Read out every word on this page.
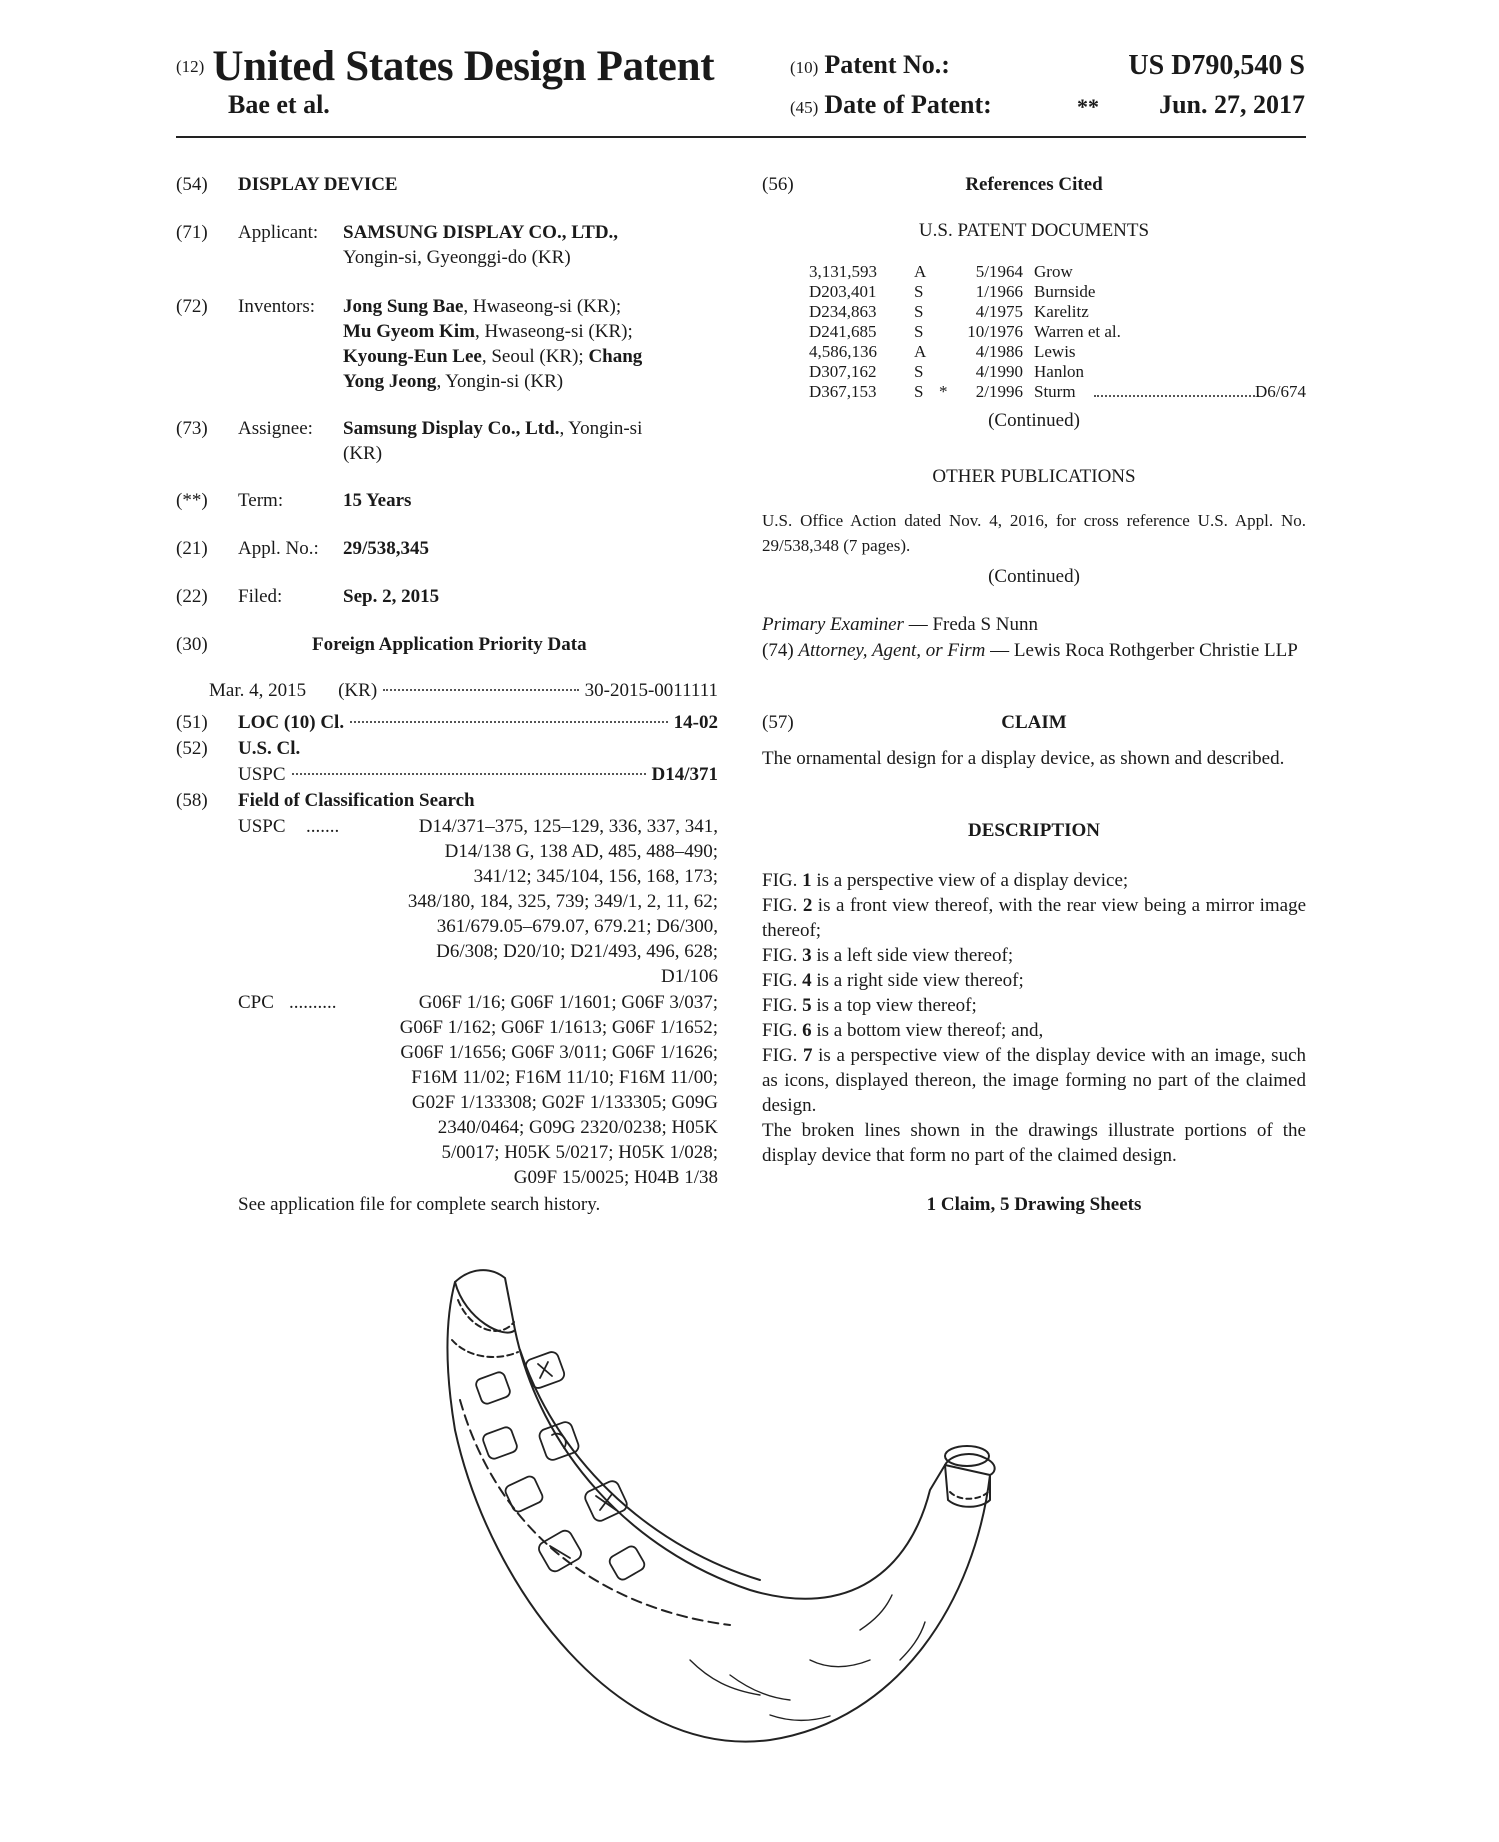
(12) United States Design Patent
Bae et al.
(10) Patent No.:	US D790,540 S
(45) Date of Patent:	** Jun. 27, 2017
(54) DISPLAY DEVICE
(71) Applicant: SAMSUNG DISPLAY CO., LTD.,
Yongin-si, Gyeonggi-do (KR)
(72) Inventors: Jong Sung Bae, Hwaseong-si (KR);
Mu Gyeom Kim, Hwaseong-si (KR);
Kyoung-Eun Lee, Seoul (KR); Chang
Yong Jeong, Yongin-si (KR)
(73) Assignee: Samsung Display Co., Ltd., Yongin-si
(KR)
(**) Term:	15 Years
(21) Appl. No.: 29/538,345
(22) Filed:	Sep. 2, 2015
(30)	Foreign Application Priority Data
Mar. 4, 2015 (KR)	30-2015-0011111
(51) LOC (10) Cl.	14-02
(52) U.S. Cl.
USPC	D14/371
(58) Field of Classification Search
USPC .......	D14/371–375, 125–129, 336, 337, 341,
D14/138 G, 138 AD, 485, 488–490;
341/12; 345/104, 156, 168, 173;
348/180, 184, 325, 739; 349/1, 2, 11, 62;
361/679.05–679.07, 679.21; D6/300,
D6/308; D20/10; D21/493, 496, 628;
D1/106
CPC ..........	G06F 1/16; G06F 1/1601; G06F 3/037;
G06F 1/162; G06F 1/1613; G06F 1/1652;
G06F 1/1656; G06F 3/011; G06F 1/1626;
F16M 11/02; F16M 11/10; F16M 11/00;
G02F 1/133308; G02F 1/133305; G09G
2340/0464; G09G 2320/0238; H05K
5/0017; H05K 5/0217; H05K 1/028;
G09F 15/0025; H04B 1/38
See application file for complete search history.
(56)	References Cited
U.S. PATENT DOCUMENTS
3,131,593 A	5/1964 Grow
D203,401 S	1/1966 Burnside
D234,863 S	4/1975 Karelitz
D241,685 S	10/1976 Warren et al.
4,586,136 A	4/1986 Lewis
D307,162 S	4/1990 Hanlon
D367,153 S *	2/1996 Sturm	D6/674
(Continued)
OTHER PUBLICATIONS
U.S. Office Action dated Nov. 4, 2016, for cross reference U.S. Appl. No. 29/538,348 (7 pages).
(Continued)
Primary Examiner — Freda S Nunn
(74) Attorney, Agent, or Firm — Lewis Roca Rothgerber Christie LLP
(57)	CLAIM
The ornamental design for a display device, as shown and described.
DESCRIPTION
FIG. 1 is a perspective view of a display device;
FIG. 2 is a front view thereof, with the rear view being a mirror image thereof;
FIG. 3 is a left side view thereof;
FIG. 4 is a right side view thereof;
FIG. 5 is a top view thereof;
FIG. 6 is a bottom view thereof; and,
FIG. 7 is a perspective view of the display device with an image, such as icons, displayed thereon, the image forming no part of the claimed design.
The broken lines shown in the drawings illustrate portions of the display device that form no part of the claimed design.
1 Claim, 5 Drawing Sheets
